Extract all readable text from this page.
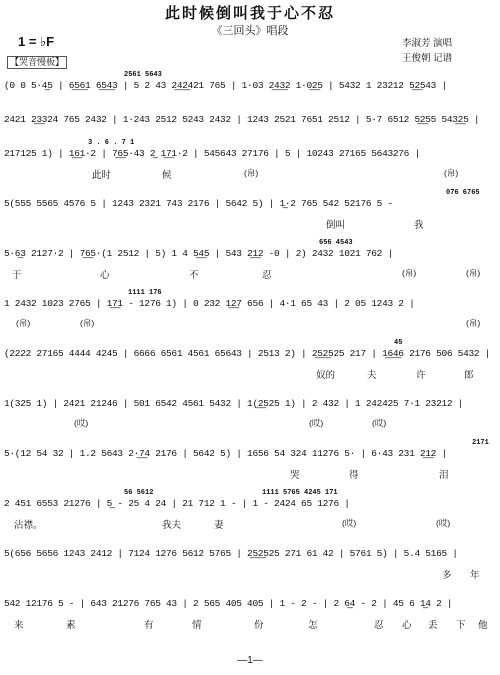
此时候倒叫我于心不忍
《三回头》唱段
1 = ♭F	李淑芳 演唱
王俊朝 记谱
【哭音慢板】
2561 5643
(0 0 5·4̲5 | 6̲5̲6̲1 6̲5̲4̲3 | 5 2 43 2̲4̲2̲421 765 | 1·03 2̲4̲3̲2 1·0̲2̲5 | 5432 1 23212 5̲2̲543 |
2421 2̲3̲324 765 2432 | 1·243 2512 5243 2432 | 1243 2521 7651 2512 | 5·7 6512 5̲2̲55 543̲2̲5 |
3 . 6 . 7 1
217125 1) | 1̲6̲1·2 | 7̲6̲5·43 2̲ 1̲7̲1·2 | 545643 27176 | 5 | 10243 27165 5643276 |
此时	候	(帛)	(帛)
076 6765
5(555 5565 4576 5 | 1243 2321 743 2176 | 5642 5) | 1̲·2 765 542 52176 5 -
倒叫	我
656 4543
5·6̲3 2127·2 | 7̲6̲5·(1 2512 | 5) 1 4 5̲4̲5 | 543 2̲1̲2 -0 | 2) 2432 1021 762 |
于	心	不	忍	(帛)	(帛)
1111 176
1 2432 1023 2765 | 1̲7̲1 - 1276 1) | 0 232 1̲2̲7 656 | 4·1 65 43 | 2 05 1243 2 |
(帛)	(帛)	(帛)
45
(2222 27165 4444 4245 | 6666 6561 4561 65643 | 2513 2) | 2̲5̲2̲525 217 | 1̲6̲4̲6 2176 506 5432 |
奴的	夫	许	郎
1(325 1) | 2421 21246 | 501 6542 4561 5432 | 1(̲2̲525 1) | 2 432 | 1 242425 7·1 23212 |
(哎)	(哎)	(哎)
2171
5·(12 54 32 | 1.2 5643 2·̲7̲4 2176 | 5642 5) | 1656 54 324 11276 5· | 6·43 231 2̲1̲2 |
哭	得	泪
56 5612	1111 5765 4245 171
2 451 6553 21276 | 5̲ - 25 4 24 | 21 712 1 - | 1 - 2424 65 1276 |
沾襟。	我夫	妻	(哎)	(哎)
5(656 5656 1243 2412 | 7124 1276 5612 5765 | 2̲5̲2̲525 271 61 42 | 5761 5) | 5.4 5165 |
多 年
542 12176 5 - | 643 21276 765 43 | 2 565 405 405 | 1 - 2 - | 2 6̲4 - 2 | 45 6 1̲4 2 |
来	素	有	情	份	怎	忍 心 丢 下 他
—1—
